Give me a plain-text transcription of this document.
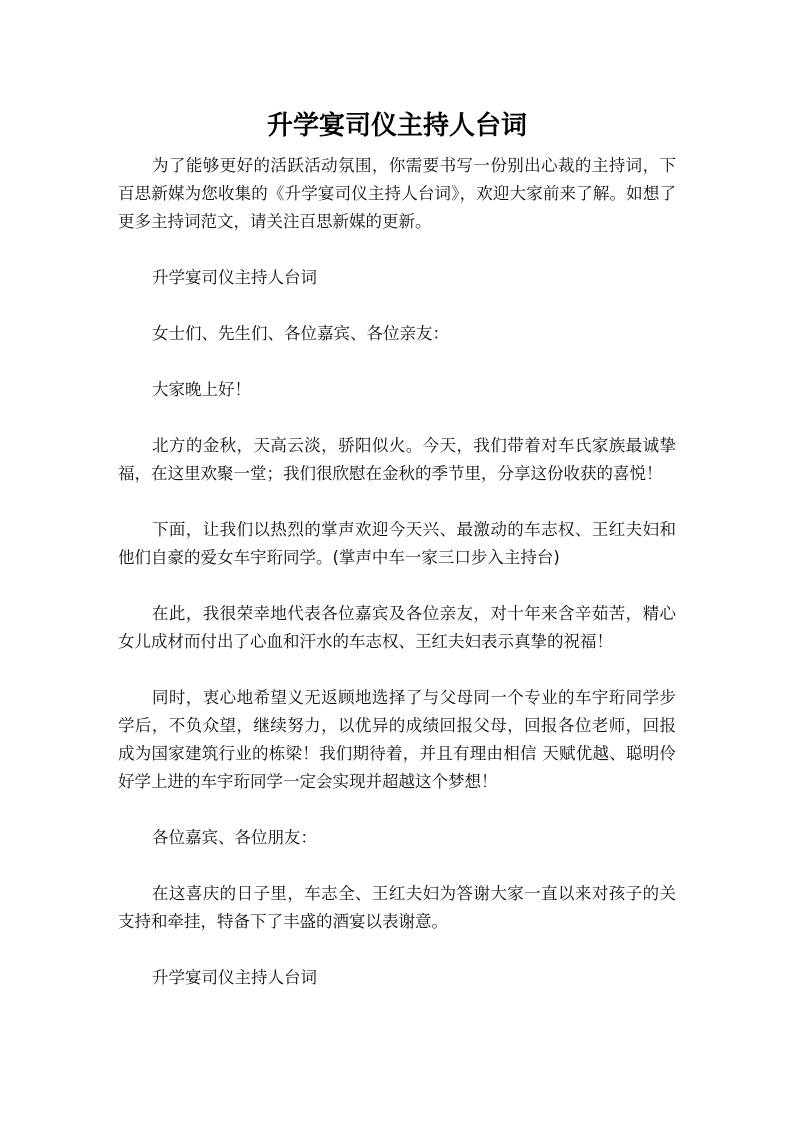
升学宴司仪主持人台词

为了能够更好的活跃活动氛围，你需要书写一份别出心裁的主持词，下
百思新媒为您收集的《升学宴司仪主持人台词》，欢迎大家前来了解。如想了
更多主持词范文，请关注百思新媒的更新。

升学宴司仪主持人台词

女士们、先生们、各位嘉宾、各位亲友：

大家晚上好！

北方的金秋，天高云淡，骄阳似火。今天，我们带着对车氏家族最诚挚
福，在这里欢聚一堂；我们很欣慰在金秋的季节里，分享这份收获的喜悦！

下面，让我们以热烈的掌声欢迎今天兴、最激动的车志权、王红夫妇和
他们自豪的爱女车宇珩同学。(掌声中车一家三口步入主持台)

在此，我很荣幸地代表各位嘉宾及各位亲友，对十年来含辛茹苦，精心
女儿成材而付出了心血和汗水的车志权、王红夫妇表示真挚的祝福！

同时，衷心地希望义无返顾地选择了与父母同一个专业的车宇珩同学步
学后，不负众望，继续努力，以优异的成绩回报父母，回报各位老师，回报
成为国家建筑行业的栋梁！我们期待着，并且有理由相信 天赋优越、聪明伶
好学上进的车宇珩同学一定会实现并超越这个梦想！

各位嘉宾、各位朋友：

在这喜庆的日子里，车志全、王红夫妇为答谢大家一直以来对孩子的关
支持和牵挂，特备下了丰盛的酒宴以表谢意。

升学宴司仪主持人台词
